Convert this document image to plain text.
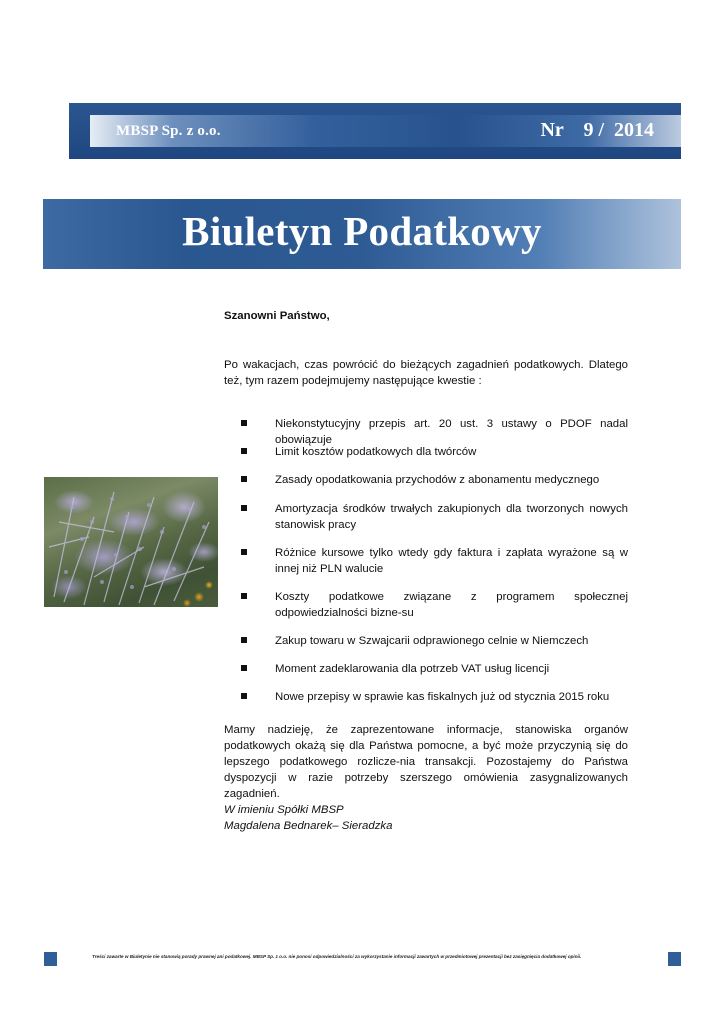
MBSP Sp. z o.o.	Nr    9 /  2014
Biuletyn Podatkowy
Szanowni Państwo,
Po wakacjach, czas powrócić do bieżących zagadnień podatkowych. Dlatego też, tym razem podejmujemy następujące kwestie :
Niekonstytucyjny przepis art. 20 ust. 3 ustawy o PDOF nadal obowiązuje
Limit kosztów podatkowych dla twórców
Zasady opodatkowania przychodów z abonamentu medycznego
Amortyzacja środków trwałych zakupionych dla tworzonych nowych stanowisk pracy
Różnice kursowe tylko wtedy gdy faktura i zapłata wyrażone są w innej niż PLN walucie
Koszty podatkowe związane z programem społecznej odpowiedzialności bizne-su
Zakup towaru w Szwajcarii odprawionego celnie w Niemczech
Moment zadeklarowania dla potrzeb VAT usług licencji
Nowe przepisy w sprawie kas fiskalnych już od stycznia 2015 roku
Mamy nadzieję, że zaprezentowane informacje, stanowiska organów podatkowych okażą się dla Państwa pomocne, a być może przyczynią się do lepszego podatkowego rozlicze-nia transakcji. Pozostajemy do Państwa dyspozycji w razie potrzeby szerszego omówienia zasygnalizowanych zagadnień.
W imieniu Spółki MBSP
Magdalena Bednarek– Sieradzka
Treści zawarte w Biuletynie nie stanowią porady prawnej ani podatkowej. MBSP Sp. z o.o. nie ponosi odpowiedzialności za wykorzystanie informacji zawartych w przedmiotowej prezentacji bez zasięgnięcia dodatkowej opinii.
